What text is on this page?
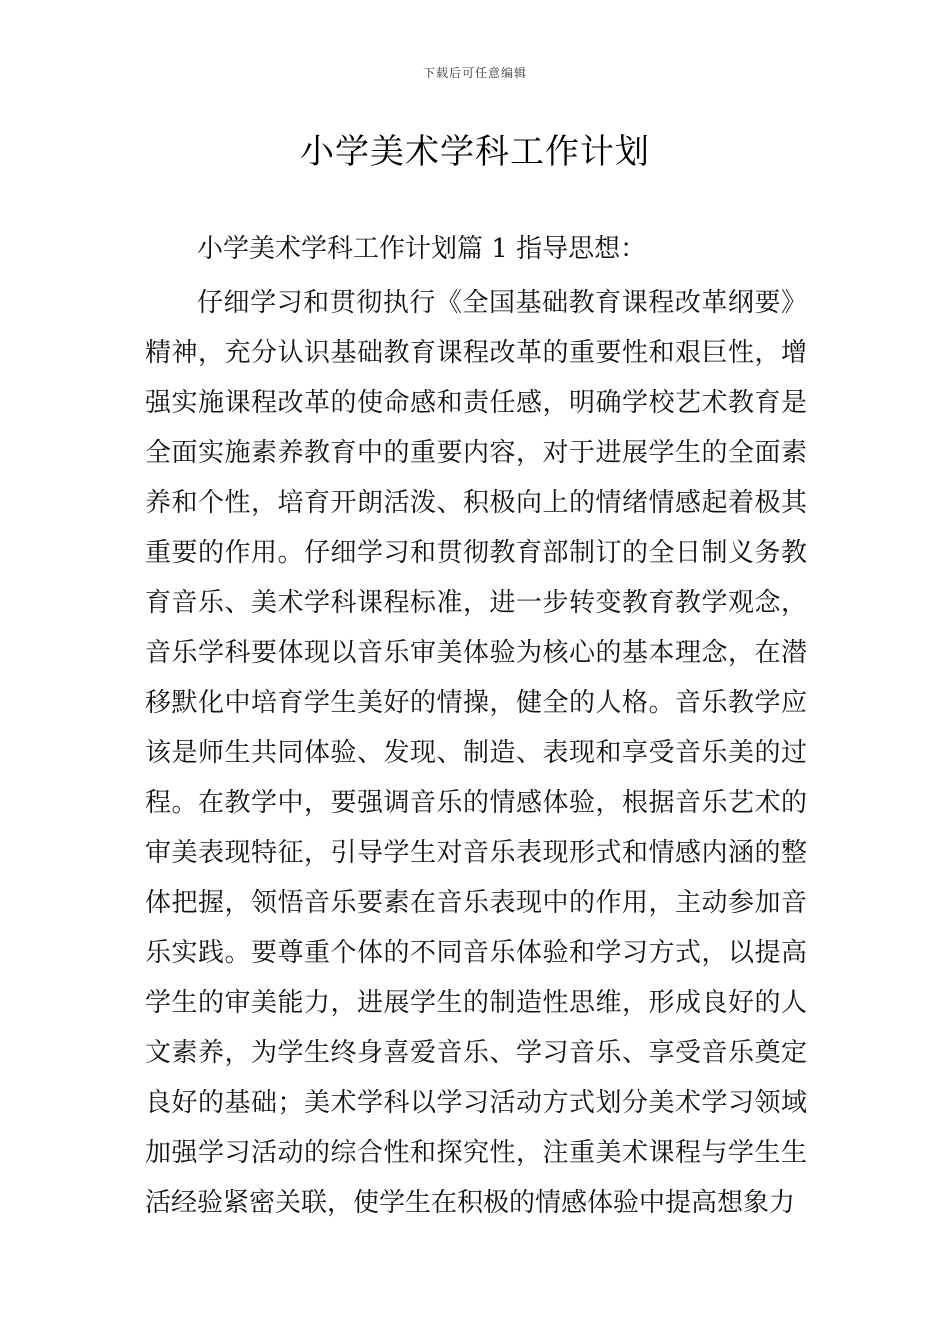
下载后可任意编辑
小学美术学科工作计划
小学美术学科工作计划篇 1 指导思想：

仔细学习和贯彻执行《全国基础教育课程改革纲要》精神，充分认识基础教育课程改革的重要性和艰巨性，增强实施课程改革的使命感和责任感，明确学校艺术教育是全面实施素养教育中的重要内容，对于进展学生的全面素养和个性，培育开朗活泼、积极向上的情绪情感起着极其重要的作用。仔细学习和贯彻教育部制订的全日制义务教育音乐、美术学科课程标准，进一步转变教育教学观念，音乐学科要体现以音乐审美体验为核心的基本理念，在潜移默化中培育学生美好的情操，健全的人格。音乐教学应该是师生共同体验、发现、制造、表现和享受音乐美的过程。在教学中，要强调音乐的情感体验，根据音乐艺术的审美表现特征，引导学生对音乐表现形式和情感内涵的整体把握，领悟音乐要素在音乐表现中的作用，主动参加音乐实践。要尊重个体的不同音乐体验和学习方式，以提高学生的审美能力，进展学生的制造性思维，形成良好的人文素养，为学生终身喜爱音乐、学习音乐、享受音乐奠定良好的基础；美术学科以学习活动方式划分美术学习领域加强学习活动的综合性和探究性，注重美术课程与学生生活经验紧密关联，使学生在积极的情感体验中提高想象力
